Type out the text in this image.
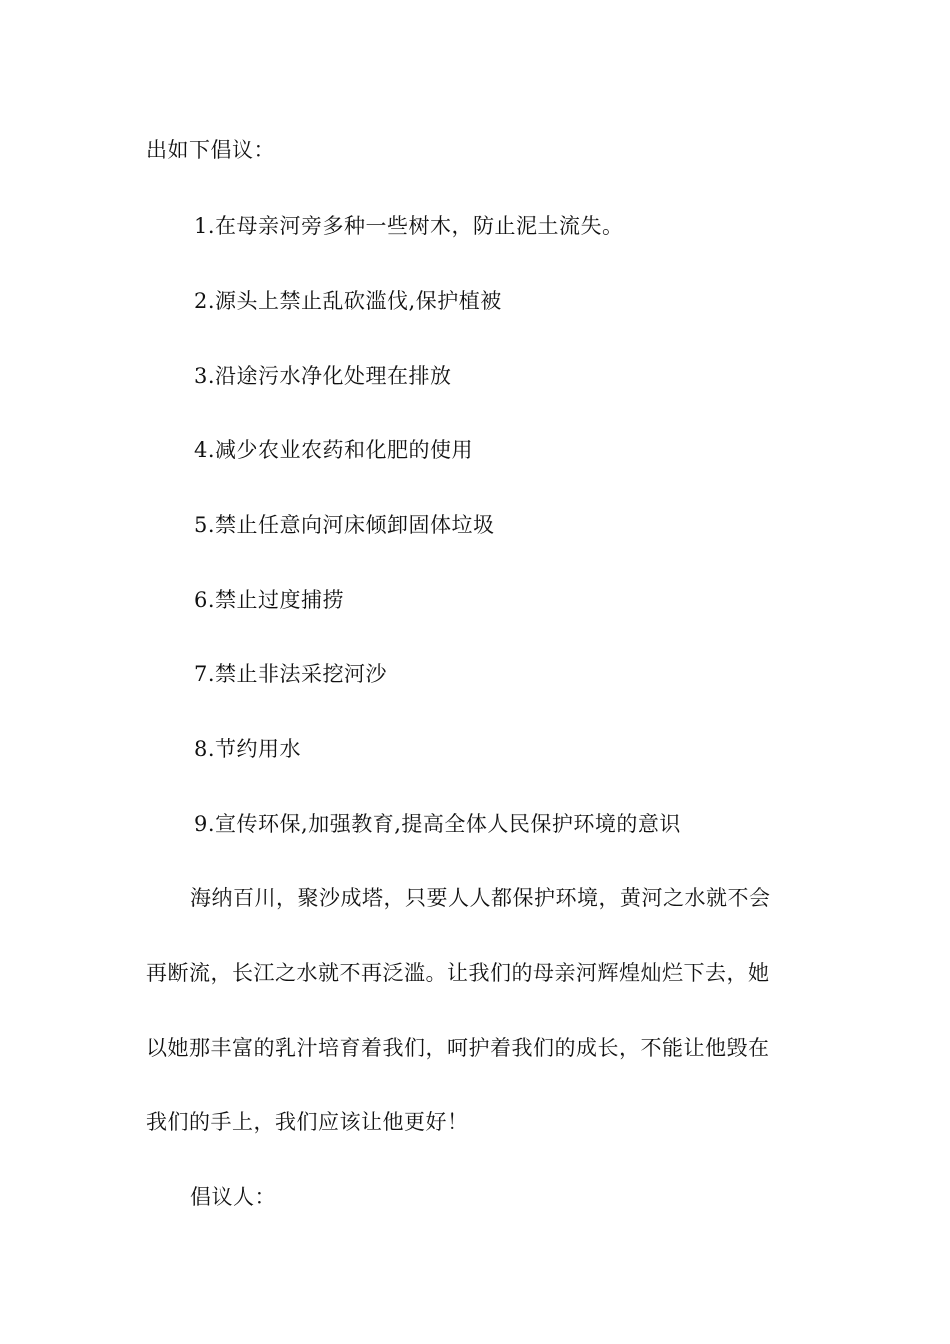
出如下倡议：
1.在母亲河旁多种一些树木，防止泥土流失。
2.源头上禁止乱砍滥伐,保护植被
3.沿途污水净化处理在排放
4.减少农业农药和化肥的使用
5.禁止任意向河床倾卸固体垃圾
6.禁止过度捕捞
7.禁止非法采挖河沙
8.节约用水
9.宣传环保,加强教育,提高全体人民保护环境的意识
海纳百川，聚沙成塔，只要人人都保护环境，黄河之水就不会
再断流，长江之水就不再泛滥。让我们的母亲河辉煌灿烂下去，她
以她那丰富的乳汁培育着我们，呵护着我们的成长，不能让他毁在
我们的手上，我们应该让他更好！
倡议人：
